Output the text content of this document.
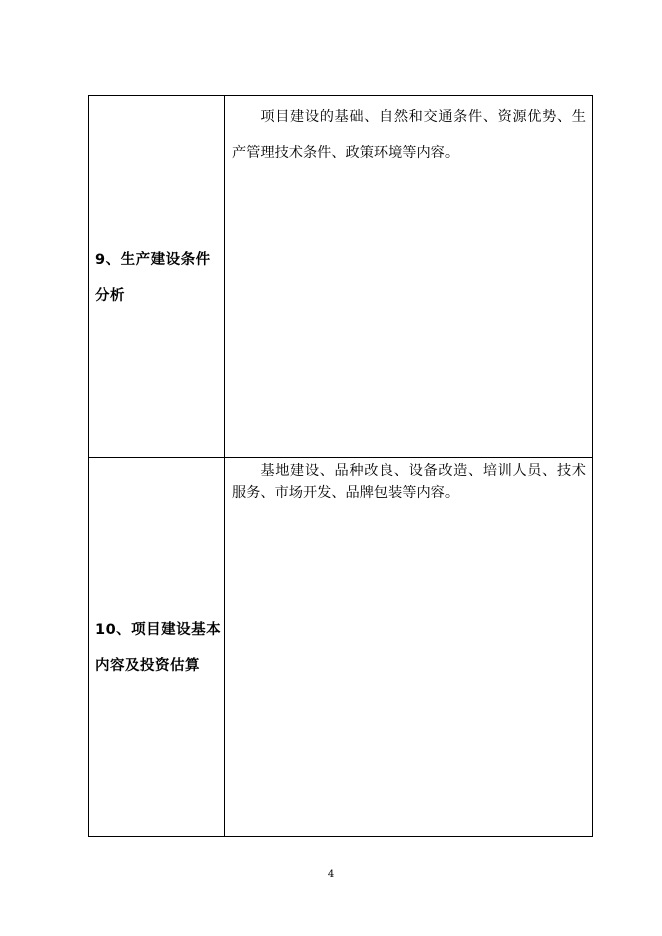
9、生产建设条件分析

项目建设的基础、自然和交通条件、资源优势、生产管理技术条件、政策环境等内容。

10、项目建设基本内容及投资估算

基地建设、品种改良、设备改造、培训人员、技术服务、市场开发、品牌包装等内容。

4
